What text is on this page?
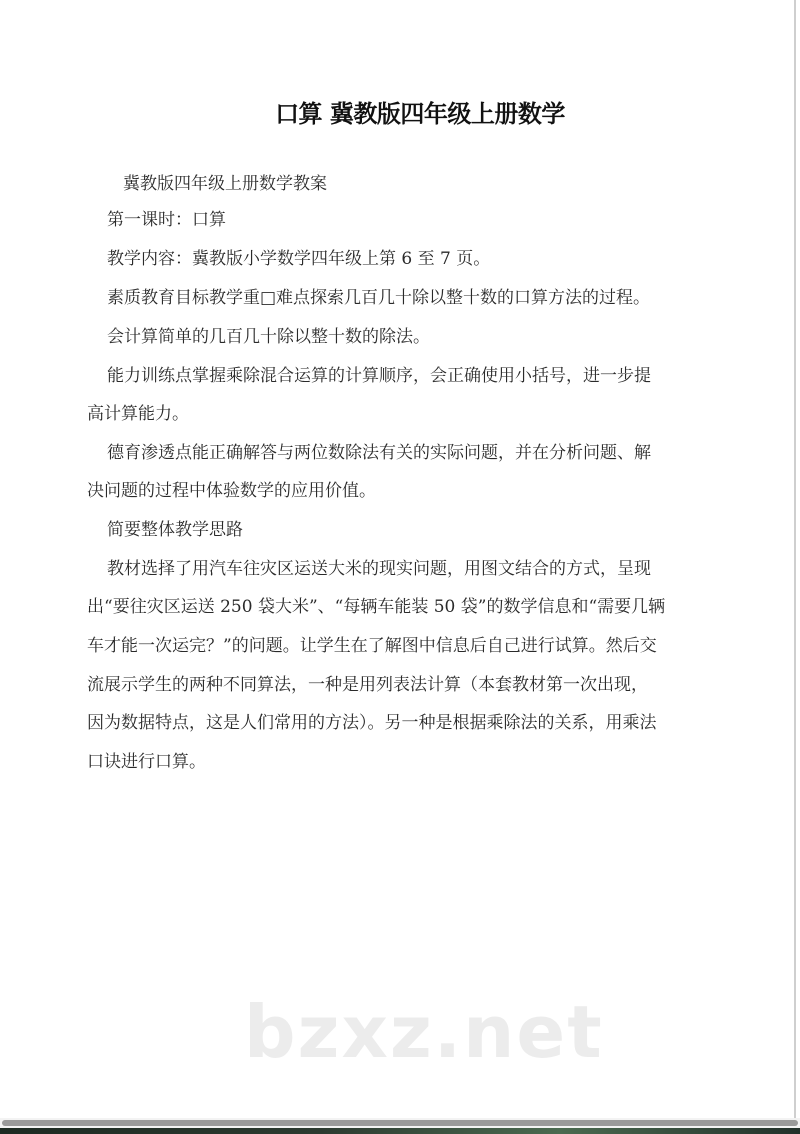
口算 冀教版四年级上册数学
冀教版四年级上册数学教案
第一课时：口算
教学内容：冀教版小学数学四年级上第 6 至 7 页。
素质教育目标教学重□难点探索几百几十除以整十数的口算方法的过程。
会计算简单的几百几十除以整十数的除法。
能力训练点掌握乘除混合运算的计算顺序，会正确使用小括号，进一步提
高计算能力。
德育渗透点能正确解答与两位数除法有关的实际问题，并在分析问题、解
决问题的过程中体验数学的应用价值。
简要整体教学思路
教材选择了用汽车往灾区运送大米的现实问题，用图文结合的方式，呈现
出“要往灾区运送 250 袋大米”、“每辆车能装 50 袋”的数学信息和“需要几辆
车才能一次运完？”的问题。让学生在了解图中信息后自己进行试算。然后交
流展示学生的两种不同算法，一种是用列表法计算（本套教材第一次出现，
因为数据特点，这是人们常用的方法）。另一种是根据乘除法的关系，用乘法
口诀进行口算。
bzxz.net
